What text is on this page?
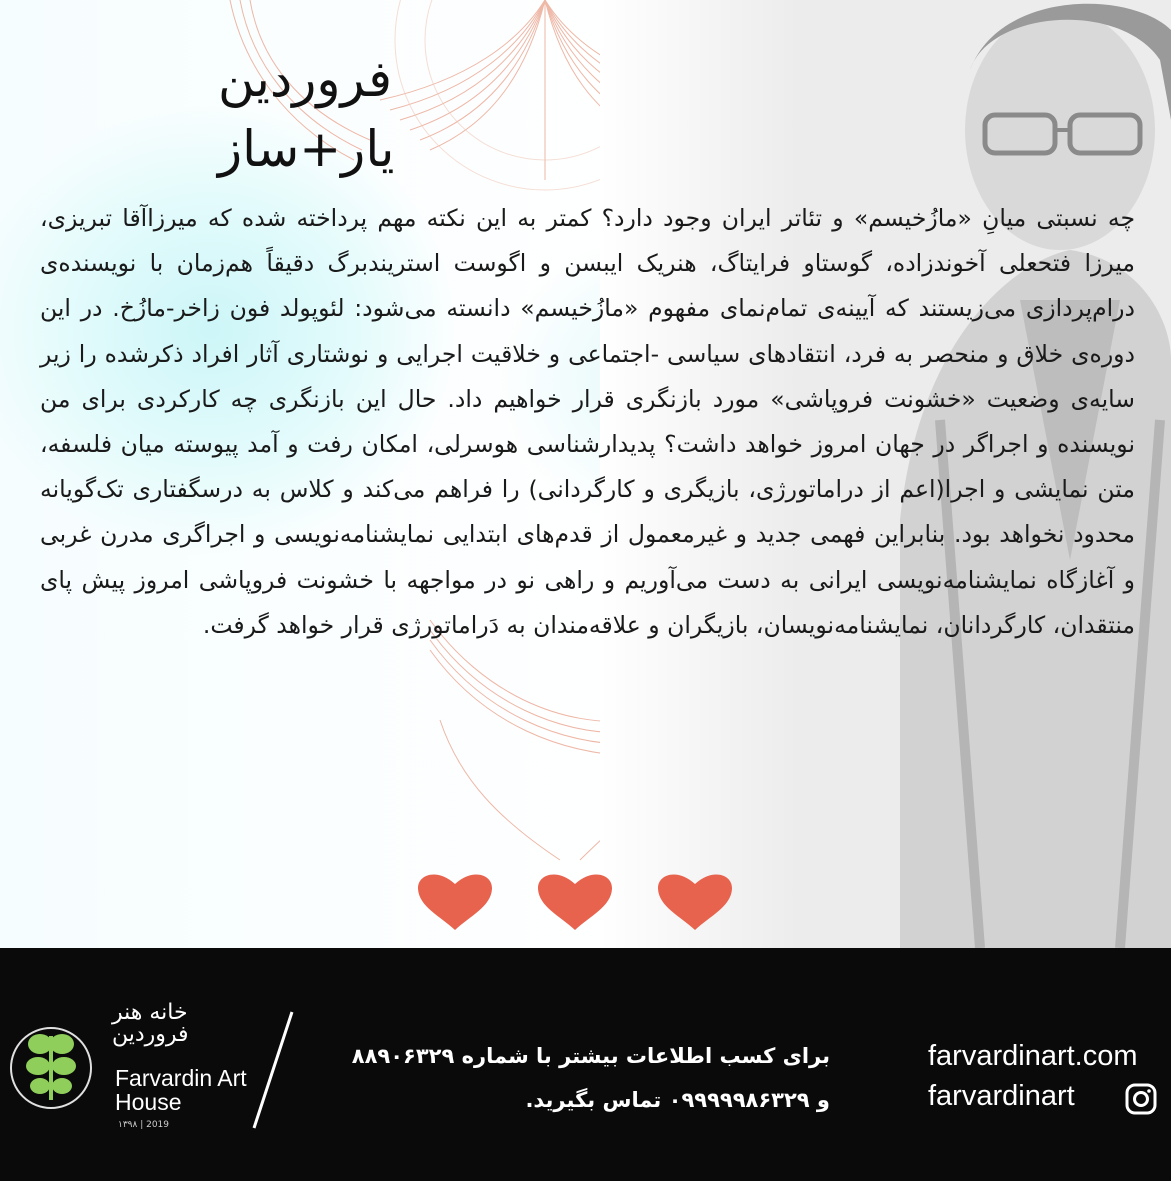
فروردین
یار+ساز

چه نسبتی میانِ «مازُخیسم» و تئاتر ایران وجود دارد؟ کمتر به این نکته مهم پرداخته شده که میرزاآقا تبریزی، میرزا فتحعلی آخوندزاده، گوستاو فرایتاگ، هنریک ایبسن و اگوست استریندبرگ دقیقاً هم‌زمان با نویسنده‌ی درام‌پردازی می‌زیستند که آیینه‌ی تمام‌نمای مفهوم «مازُخیسم» دانسته می‌شود: لئوپولد فون زاخر-مازُخ. در این دوره‌ی خلاق و منحصر به فرد، انتقادهای سیاسی -اجتماعی و خلاقیت اجرایی و نوشتاری آثار افراد ذکرشده را زیر سایه‌ی وضعیت «خشونت فروپاشی» مورد بازنگری قرار خواهیم داد. حال این بازنگری چه کارکردی برای من نویسنده و اجراگر در جهان امروز خواهد داشت؟ پدیدارشناسی هوسرلی، امکان رفت و آمد پیوسته میان فلسفه، متن نمایشی و اجرا(اعم از دراماتورژی، بازیگری و کارگردانی) را فراهم می‌کند و کلاس به درسگفتاری تک‌گویانه محدود نخواهد بود. بنابراین فهمی جدید و غیرمعمول از قدم‌های ابتدایی نمایشنامه‌نویسی و اجراگری مدرن غربی و آغازگاه نمایشنامه‌نویسی ایرانی به دست می‌آوریم و راهی نو در مواجهه با خشونت فروپاشی امروز پیش پای منتقدان، کارگردانان، نمایشنامه‌نویسان، بازیگران و علاقه‌مندان به دَراماتورژی قرار خواهد گرفت.

خانه هنر فروردین
Farvardin Art
House
۱۳۹۸ | 2019
برای کسب اطلاعات بیشتر با شماره ۸۸۹۰۶۳۲۹
و ۰۹۹۹۹۹۸۶۳۲۹ تماس بگیرید.
farvardinart.com
farvardinart
